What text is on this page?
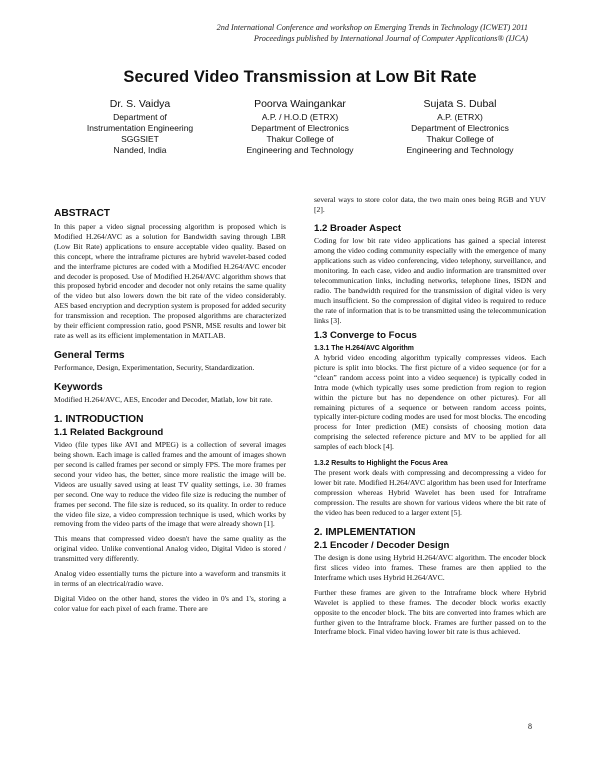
2nd International Conference and workshop on Emerging Trends in Technology (ICWET) 2011
Proceedings published by International Journal of Computer Applications® (IJCA)
Secured Video Transmission at Low Bit Rate
Dr. S. Vaidya
Department of
Instrumentation Engineering
SGGSIET
Nanded, India
Poorva Waingankar
A.P. / H.O.D (ETRX)
Department of Electronics
Thakur College of
Engineering and Technology
Sujata S. Dubal
A.P. (ETRX)
Department of Electronics
Thakur College of
Engineering and Technology
ABSTRACT

In this paper a video signal processing algorithm is proposed which is Modified H.264/AVC as a solution for Bandwidth saving through LBR (Low Bit Rate) applications to ensure acceptable video quality. Based on this concept, where the intraframe pictures are hybrid wavelet-based coded and the interframe pictures are coded with a Modified H.264/AVC encoder and decoder is proposed. Use of Modified H.264/AVC algorithm shows that this proposed hybrid encoder and decoder not only retains the same quality of the video but also lowers down the bit rate of the video considerably. AES based encryption and decryption system is proposed for added security for transmission and reception. The proposed algorithms are characterized by their efficient compression ratio, good PSNR, MSE results and lower bit rate as well as its efficient implementation in MATLAB.

General Terms

Performance, Design, Experimentation, Security, Standardization.

Keywords

Modified H.264/AVC, AES, Encoder and Decoder, Matlab, low bit rate.

1. INTRODUCTION
1.1 Related Background

Video (file types like AVI and MPEG) is a collection of several images being shown. Each image is called frames and the amount of images shown per second is called frames per second or simply FPS. The more frames per second your video has, the better, since more realistic the image will be. Videos are usually saved using at least TV quality settings, i.e. 30 frames per second. One way to reduce the video file size is reducing the number of frames per second. The file size is reduced, so its quality. In order to reduce the video file size, a video compression technique is used, which works by removing from the video parts of the image that were already shown [1].

This means that compressed video doesn't have the same quality as the original video. Unlike conventional Analog video, Digital Video is stored / transmitted very differently.

Analog video essentially turns the picture into a waveform and transmits it in terms of an electrical/radio wave.

Digital Video on the other hand, stores the video in 0's and 1's, storing a color value for each pixel of each frame. There are

several ways to store color data, the two main ones being RGB and YUV [2].

1.2 Broader Aspect

Coding for low bit rate video applications has gained a special interest among the video coding community especially with the emergence of many applications such as video conferencing, video telephony, surveillance, and monitoring. In each case, video and audio information are transmitted over telecommunication links, including networks, telephone lines, ISDN and radio. The bandwidth required for the transmission of digital video is very much insufficient. So the compression of digital video is required to reduce the rate of information that is to be transmitted using the telecommunication links [3].

1.3 Converge to Focus
1.3.1 The H.264/AVC Algorithm

A hybrid video encoding algorithm typically compresses videos. Each picture is split into blocks. The first picture of a video sequence (or for a “clean” random access point into a video sequence) is typically coded in Intra mode (which typically uses some prediction from region to region within the picture but has no dependence on other pictures). For all remaining pictures of a sequence or between random access points, typically inter-picture coding modes are used for most blocks. The encoding process for Inter prediction (ME) consists of choosing motion data comprising the selected reference picture and MV to be applied for all samples of each block [4].

1.3.2 Results to Highlight the Focus Area

The present work deals with compressing and decompressing a video for lower bit rate. Modified H.264/AVC algorithm has been used for Interframe compression whereas Hybrid Wavelet has been used for Intraframe compression. The results are shown for various videos where the bit rate of the video has been reduced to a larger extent [5].

2. IMPLEMENTATION
2.1 Encoder / Decoder Design

The design is done using Hybrid H.264/AVC algorithm. The encoder block first slices video into frames. These frames are then applied to the Interframe which uses Hybrid H.264/AVC.

Further these frames are given to the Intraframe block where Hybrid Wavelet is applied to these frames. The decoder block works exactly opposite to the encoder block. The bits are converted into frames which are further given to the Intraframe block. Frames are further passed on to the Interframe block. Final video having lower bit rate is thus achieved.

8
